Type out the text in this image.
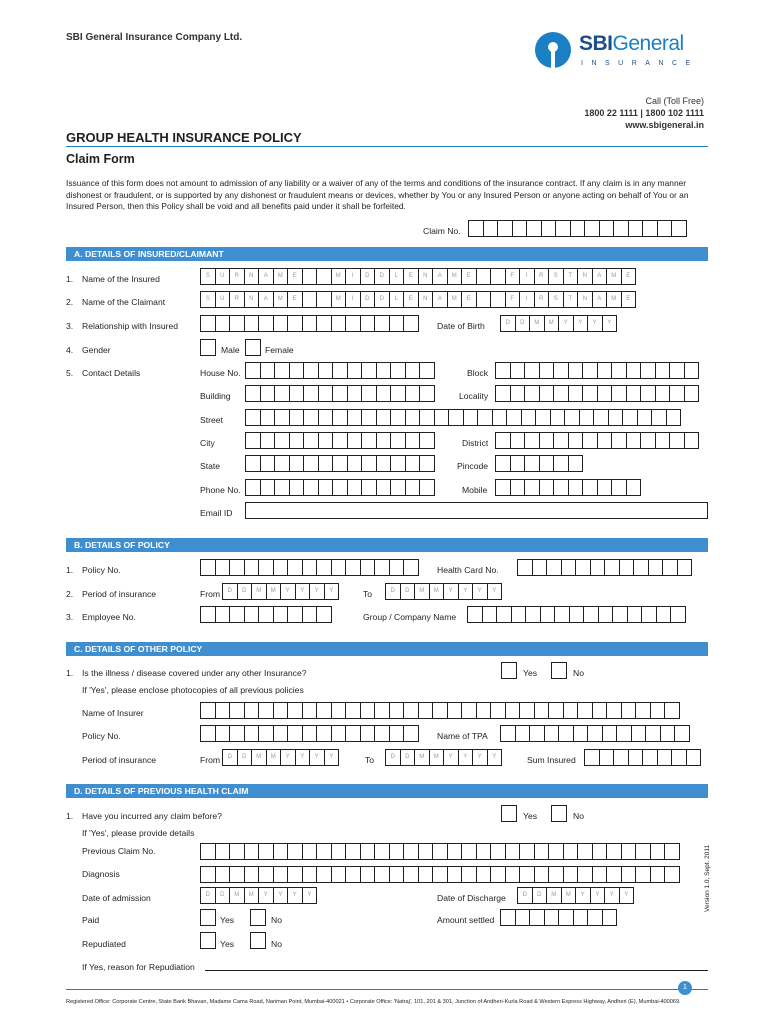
SBI General Insurance Company Ltd.	SBIGeneral
INSURANCE
Call (Toll Free)
1800 22 1111 | 1800 102 1111
www.sbigeneral.in
GROUP HEALTH INSURANCE POLICY
Claim Form
Issuance of this form does not amount to admission of any liability or a waiver of any of the terms and conditions of the insurance contract. If any claim is in any manner dishonest or fraudulent, or is supported by any dishonest or fraudulent means or devices, whether by You or any Insured Person or anyone acting on behalf of You or an Insured Person, then this Policy shall be void and all benefits paid under it shall be forfeited.
Claim No.
A. DETAILS OF INSURED/CLAIMANT
1. Name of the Insured	S	U	R	N	A	M	E	M	I	D	D	L	E	N	A	M	E	F	I	R	S	T	N	A	M	E
2. Name of the Claimant	S	U	R	N	A	M	E	M	I	D	D	L	E	N	A	M	E	F	I	R	S	T	N	A	M	E
3. Relationship with Insured	Date of Birth	D	D	M	M	Y	Y	Y	Y
4. Gender	Male	Female
5. Contact Details	House No.	Block
Building	Locality
Street
City	District
State	Pincode
Phone No.	Mobile
Email ID
B. DETAILS OF POLICY
1. Policy No.	Health Card No.
2. Period of insurance	From	D	D	M	M	Y	Y	Y	Y	To	D	D	M	M	Y	Y	Y	Y
3. Employee No.	Group / Company Name
C. DETAILS OF OTHER POLICY
1. Is the illness / disease covered under any other Insurance?	Yes	No
If 'Yes', please enclose photocopies of all previous policies
Name of Insurer
Policy No.	Name of TPA
Period of insurance	From	D	D	M	M	Y	Y	Y	Y	To	D	D	M	M	Y	Y	Y	Y	Sum Insured
D. DETAILS OF PREVIOUS HEALTH CLAIM
1. Have you incurred any claim before?	Yes	No
If 'Yes', please provide details
Previous Claim No.
Diagnosis
Date of admission	D	D	M	M	Y	Y	Y	Y	Date of Discharge	D	D	M	M	Y	Y	Y	Y
Paid	Yes	No	Amount settled
Repudiated	Yes	No
If Yes, reason for Repudiation
Version 1.0, Sept. 2011
1
Registered Office: Corporate Centre, State Bank Bhavan, Madame Cama Road, Nariman Point, Mumbai-400021 • Corporate Office: 'Natraj', 101, 201 & 301, Junction of Andheri-Kurla Road & Western Express Highway, Andheri (E), Mumbai-400069.
